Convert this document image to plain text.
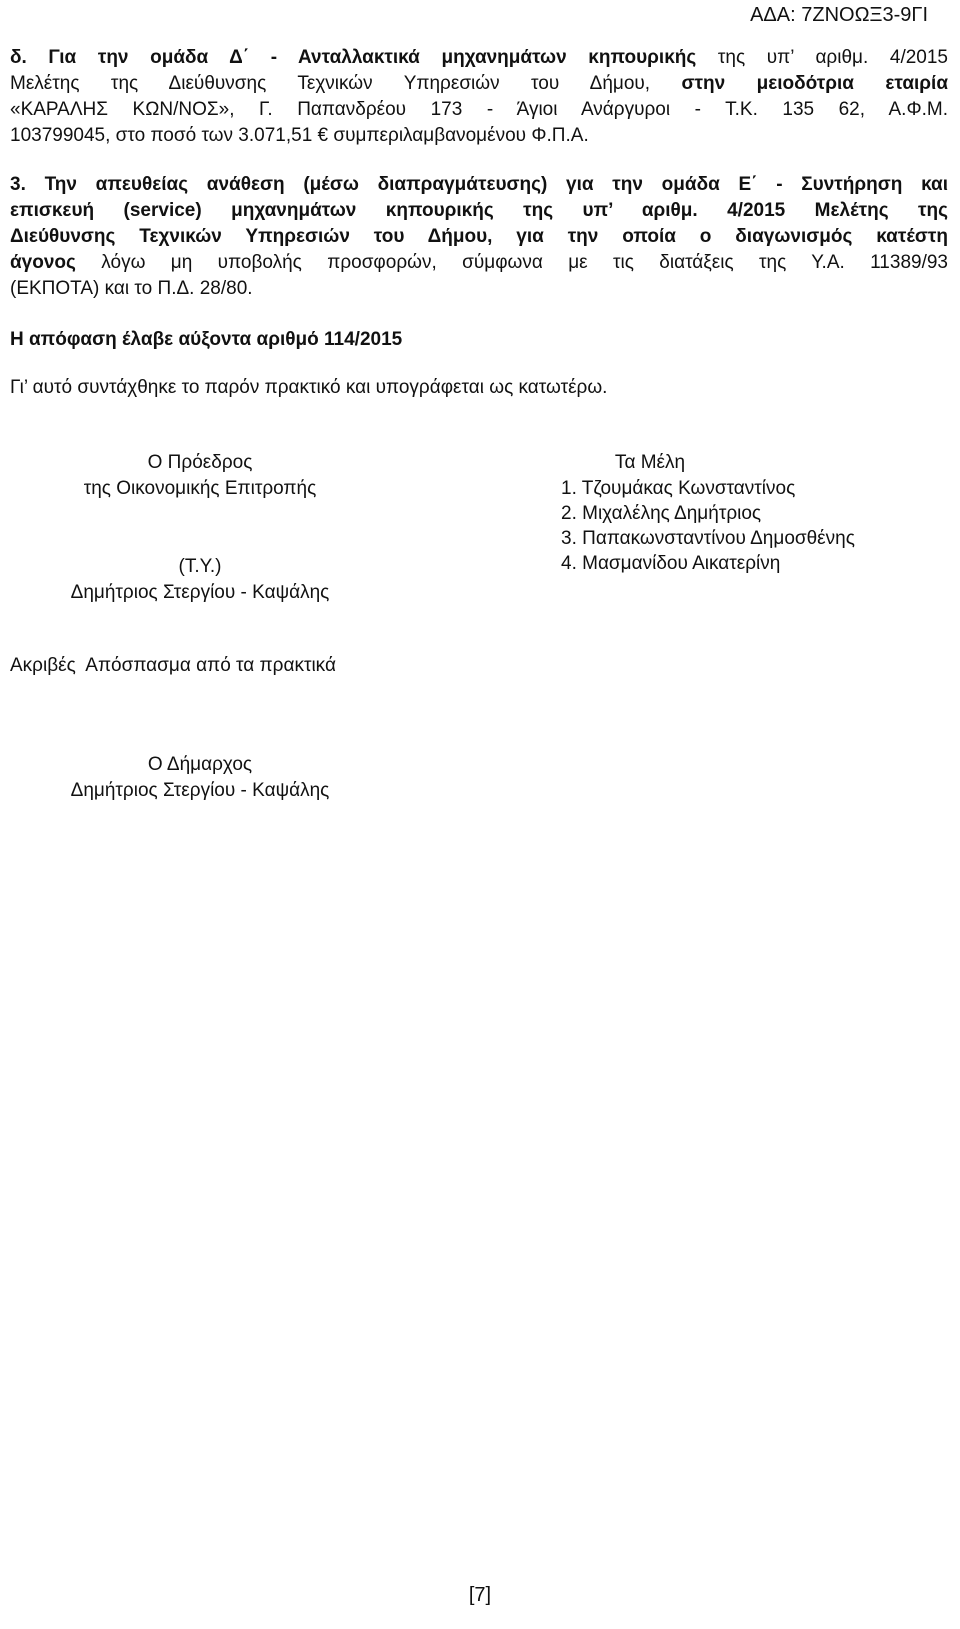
ΑΔΑ: 7ΖΝΟΩΞ3-9ΓΙ
δ. Για την ομάδα Δ΄ - Ανταλλακτικά μηχανημάτων κηπουρικής της υπ’ αριθμ. 4/2015
Μελέτης της Διεύθυνσης Τεχνικών Υπηρεσιών του Δήμου, στην μειοδότρια εταιρία
«ΚΑΡΑΛΗΣ ΚΩΝ/ΝΟΣ», Γ. Παπανδρέου 173 - Άγιοι Ανάργυροι - Τ.Κ. 135 62, Α.Φ.Μ.
103799045, στο ποσό των 3.071,51 € συμπεριλαμβανομένου Φ.Π.Α.
3. Την απευθείας ανάθεση (μέσω διαπραγμάτευσης) για την ομάδα Ε΄ - Συντήρηση και
επισκευή (service) μηχανημάτων κηπουρικής της υπ’ αριθμ. 4/2015 Μελέτης της
Διεύθυνσης Τεχνικών Υπηρεσιών του Δήμου, για την οποία ο διαγωνισμός κατέστη
άγονος λόγω μη υποβολής προσφορών, σύμφωνα με τις διατάξεις της Υ.Α. 11389/93
(ΕΚΠΟΤΑ) και το Π.Δ. 28/80.
Η απόφαση έλαβε αύξοντα αριθμό 114/2015
Γι’ αυτό συντάχθηκε το παρόν πρακτικό και υπογράφεται ως κατωτέρω.
Ο Πρόεδρος
της Οικονομικής Επιτροπής
(Τ.Υ.)
Δημήτριος Στεργίου - Καψάλης
Τα Μέλη
1. Τζουμάκας Κωνσταντίνος
2. Μιχαλέλης Δημήτριος
3. Παπακωνσταντίνου Δημοσθένης
4. Μασμανίδου Αικατερίνη
Ακριβές  Απόσπασμα από τα πρακτικά
Ο Δήμαρχος
Δημήτριος Στεργίου - Καψάλης
[7]
